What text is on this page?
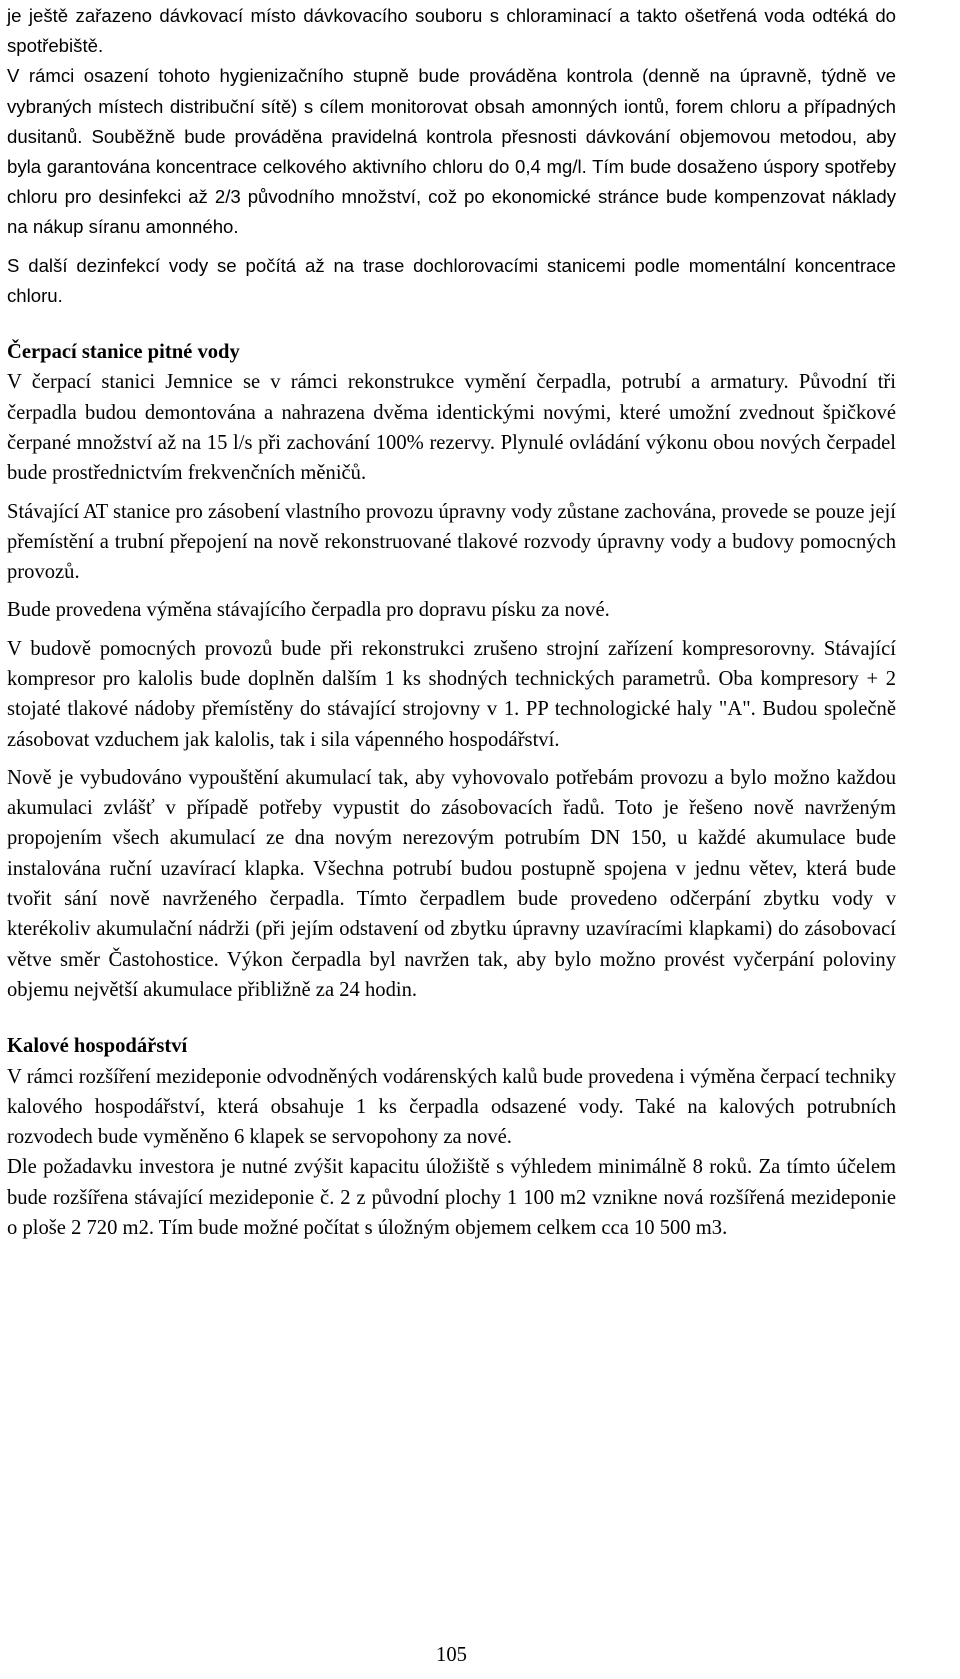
je ještě zařazeno dávkovací místo dávkovacího souboru s chloraminací a takto ošetřená voda odtéká do spotřebiště.

V rámci osazení tohoto hygienizačního stupně bude prováděna kontrola (denně na úpravně, týdně ve vybraných místech distribuční sítě) s cílem monitorovat obsah amonných iontů, forem chloru a případných dusitanů. Souběžně bude prováděna pravidelná kontrola přesnosti dávkování objemovou metodou, aby byla garantována koncentrace celkového aktivního chloru do 0,4 mg/l. Tím bude dosaženo úspory spotřeby chloru pro desinfekci až 2/3 původního množství, což po ekonomické stránce bude kompenzovat náklady na nákup síranu amonného.

S další dezinfekcí vody se počítá až na trase dochlorovacími stanicemi podle momentální koncentrace chloru.

Čerpací stanice pitné vody

V čerpací stanici Jemnice se v rámci rekonstrukce vymění čerpadla, potrubí a armatury. Původní tři čerpadla budou demontována a nahrazena dvěma identickými novými, které umožní zvednout špičkové čerpané množství až na 15 l/s při zachování 100% rezervy. Plynulé ovládání výkonu obou nových čerpadel bude prostřednictvím frekvenčních měničů.

Stávající AT stanice pro zásobení vlastního provozu úpravny vody zůstane zachována, provede se pouze její přemístění a trubní přepojení na nově rekonstruované tlakové rozvody úpravny vody a budovy pomocných provozů.

Bude provedena výměna stávajícího čerpadla pro dopravu písku za nové.

V budově pomocných provozů bude při rekonstrukci zrušeno strojní zařízení kompresorovny. Stávající kompresor pro kalolis bude doplněn dalším 1 ks shodných technických parametrů. Oba kompresory + 2 stojaté tlakové nádoby přemístěny do stávající strojovny v 1. PP technologické haly "A". Budou společně zásobovat vzduchem jak kalolis, tak i sila vápenného hospodářství.

Nově je vybudováno vypouštění akumulací tak, aby vyhovovalo potřebám provozu a bylo možno každou akumulaci zvlášť v případě potřeby vypustit do zásobovacích řadů. Toto je řešeno nově navrženým propojením všech akumulací ze dna novým nerezovým potrubím DN 150, u každé akumulace bude instalována ruční uzavírací klapka. Všechna potrubí budou postupně spojena v jednu větev, která bude tvořit sání nově navrženého čerpadla. Tímto čerpadlem bude provedeno odčerpání zbytku vody v kterékoliv akumulační nádrži (při jejím odstavení od zbytku úpravny uzavíracími klapkami) do zásobovací větve směr Častohostice. Výkon čerpadla byl navržen tak, aby bylo možno provést vyčerpání poloviny objemu největší akumulace přibližně za 24 hodin.

Kalové hospodářství

V rámci rozšíření mezideponie odvodněných vodárenských kalů bude provedena i výměna čerpací techniky kalového hospodářství, která obsahuje 1 ks čerpadla odsazené vody. Také na kalových potrubních rozvodech bude vyměněno 6 klapek se servopohony za nové.

Dle požadavku investora je nutné zvýšit kapacitu úložiště s výhledem minimálně 8 roků. Za tímto účelem bude rozšířena stávající mezideponie č. 2 z původní plochy 1 100 m2 vznikne nová rozšířená mezideponie o ploše 2 720 m2. Tím bude možné počítat s úložným objemem celkem cca 10 500 m3.

105
